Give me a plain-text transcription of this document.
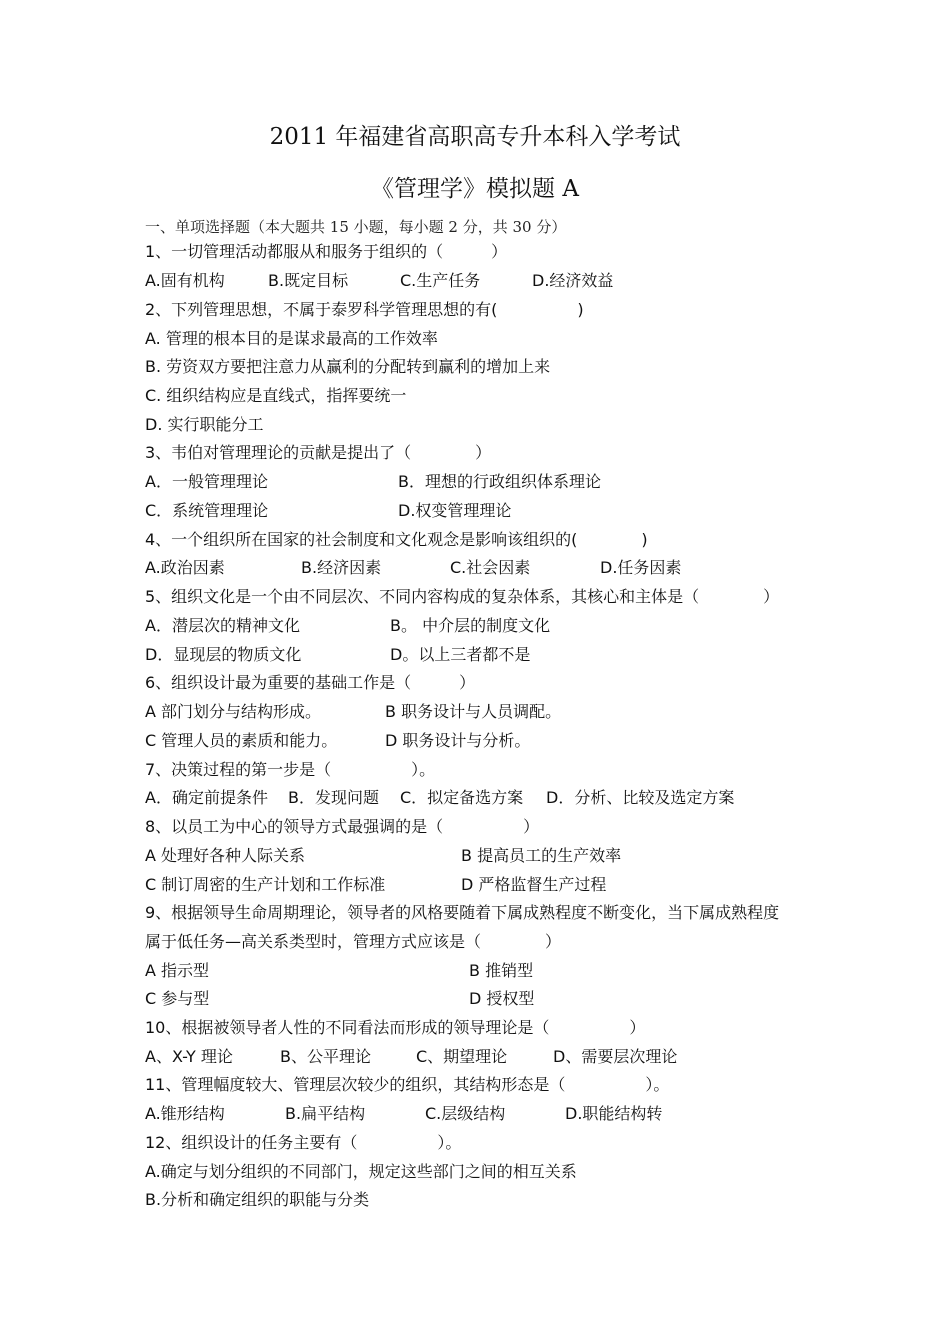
2011 年福建省高职高专升本科入学考试
《管理学》模拟题 A
一、单项选择题（本大题共 15 小题，每小题 2 分，共 30 分）
1、一切管理活动都服从和服务于组织的（　　　）
A.固有机构	B.既定目标	C.生产任务	D.经济效益
2、下列管理思想，不属于泰罗科学管理思想的有(　　　　　)
A. 管理的根本目的是谋求最高的工作效率
B. 劳资双方要把注意力从赢利的分配转到赢利的增加上来
C. 组织结构应是直线式，指挥要统一
D. 实行职能分工
3、韦伯对管理理论的贡献是提出了（　　　　）
A．一般管理理论	B．理想的行政组织体系理论
C．系统管理理论	D.权变管理理论
4、一个组织所在国家的社会制度和文化观念是影响该组织的(　　　　)
A.政治因素	B.经济因素	C.社会因素	D.任务因素
5、组织文化是一个由不同层次、不同内容构成的复杂体系，其核心和主体是（　　　　）
A．潜层次的精神文化	B。 中介层的制度文化
D．显现层的物质文化	D。以上三者都不是
6、组织设计最为重要的基础工作是（　　　）
A 部门划分与结构形成。	B 职务设计与人员调配。
C 管理人员的素质和能力。	D 职务设计与分析。
7、决策过程的第一步是（　　　　　）。
A．确定前提条件 B．发现问题 C．拟定备选方案 D．分析、比较及选定方案
8、以员工为中心的领导方式最强调的是（　　　　　）
A 处理好各种人际关系	B 提高员工的生产效率
C 制订周密的生产计划和工作标准	D 严格监督生产过程
9、根据领导生命周期理论，领导者的风格要随着下属成熟程度不断变化，当下属成熟程度
属于低任务—高关系类型时，管理方式应该是（　　　　）
A 指示型	B 推销型
C 参与型	D 授权型
10、根据被领导者人性的不同看法而形成的领导理论是（　　　　　）
A、X-Y 理论	B、公平理论	C、期望理论	D、需要层次理论
11、管理幅度较大、管理层次较少的组织，其结构形态是（　　　　　）。
A.锥形结构	B.扁平结构	C.层级结构	D.职能结构转
12、组织设计的任务主要有（　　　　　）。
A.确定与划分组织的不同部门，规定这些部门之间的相互关系
B.分析和确定组织的职能与分类
